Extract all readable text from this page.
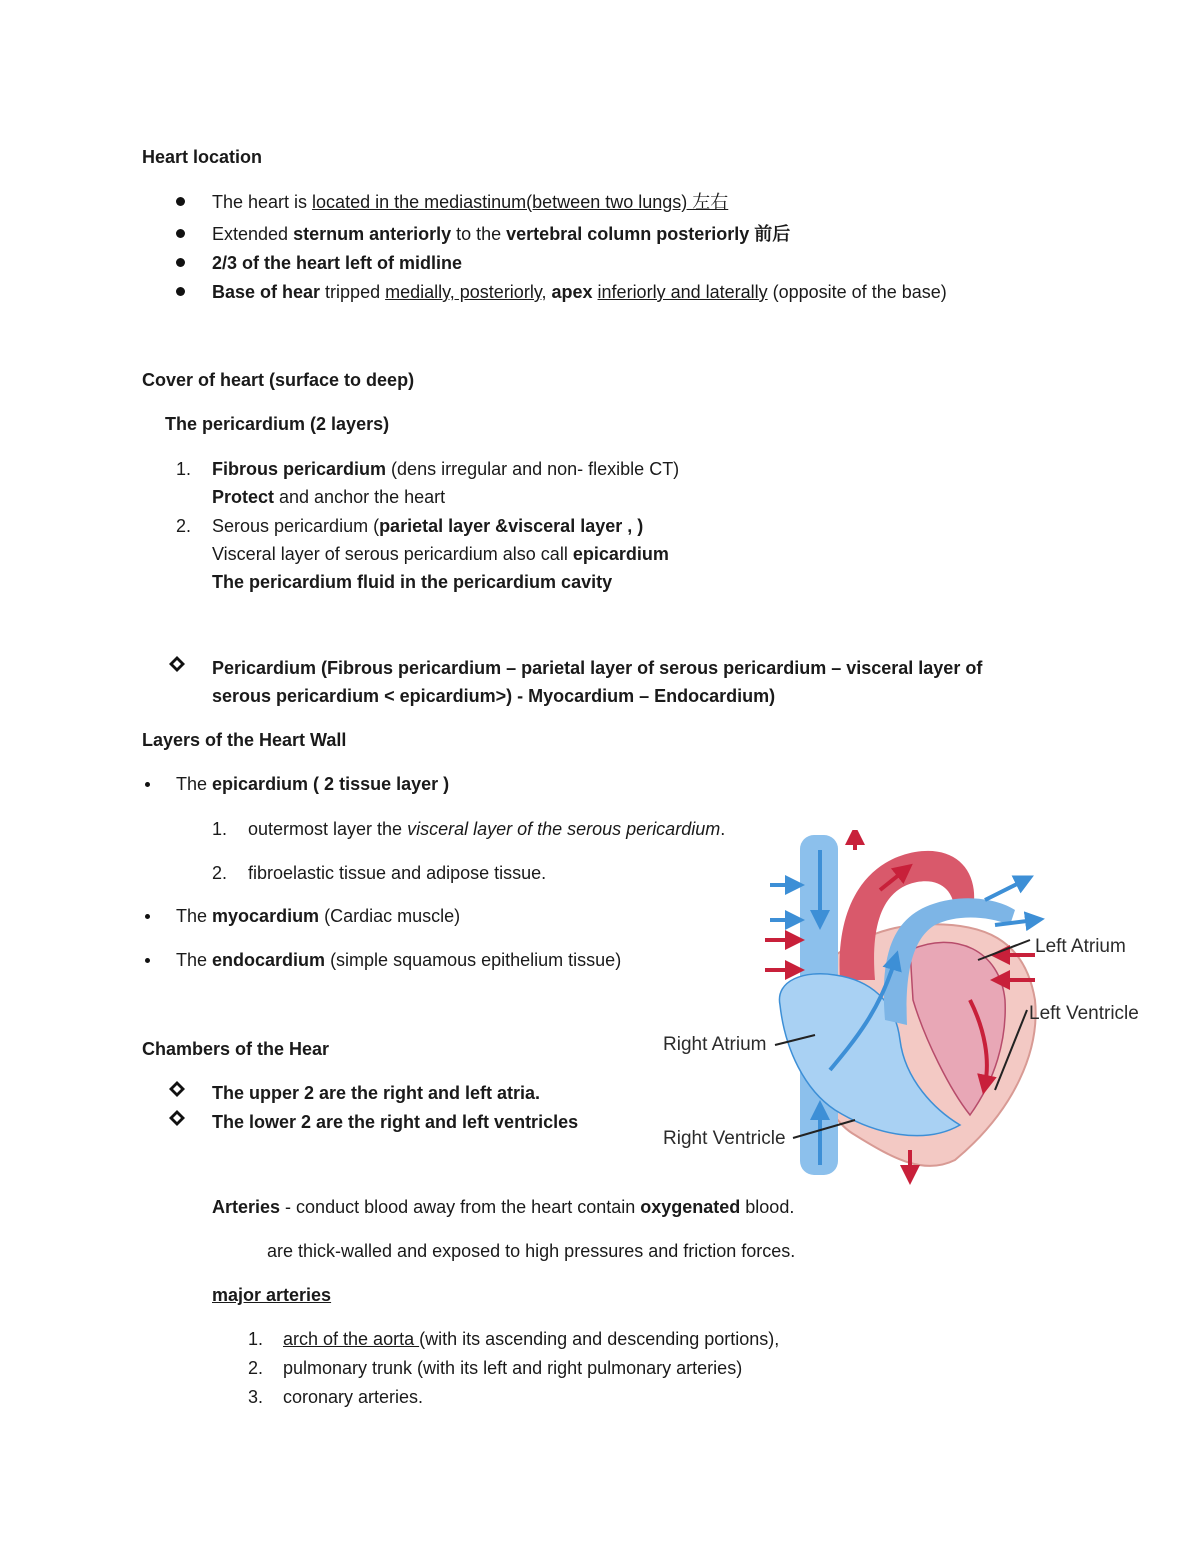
Heart location
The heart is located in the mediastinum(between two lungs) 左右
Extended sternum anteriorly to the vertebral column posteriorly 前后
2/3 of the heart left of midline
Base of hear tripped medially, posteriorly, apex inferiorly and laterally (opposite of the base)
Cover of heart (surface to deep)
The pericardium (2 layers)
1. Fibrous pericardium (dens irregular and non- flexible CT)
Protect and anchor the heart
2. Serous pericardium (parietal layer &visceral layer , )
Visceral layer of serous pericardium also call epicardium
The pericardium fluid in the pericardium cavity
Pericardium (Fibrous pericardium – parietal layer of serous pericardium – visceral layer of
serous pericardium < epicardium>) - Myocardium – Endocardium)
Layers of the Heart Wall
The epicardium ( 2 tissue layer )
1. outermost layer the visceral layer of the serous pericardium.
2. fibroelastic tissue and adipose tissue.
The myocardium (Cardiac muscle)
The endocardium (simple squamous epithelium tissue)
Chambers of the Hear
The upper 2 are the right and left atria.
The lower 2 are the right and left ventricles
Arteries - conduct blood away from the heart contain oxygenated blood.
are thick-walled and exposed to high pressures and friction forces.
major arteries
1. arch of the aorta (with its ascending and descending portions),
2. pulmonary trunk (with its left and right pulmonary arteries)
3. coronary arteries.
Left Atrium
Left Ventricle
Right Atrium
Right Ventricle
